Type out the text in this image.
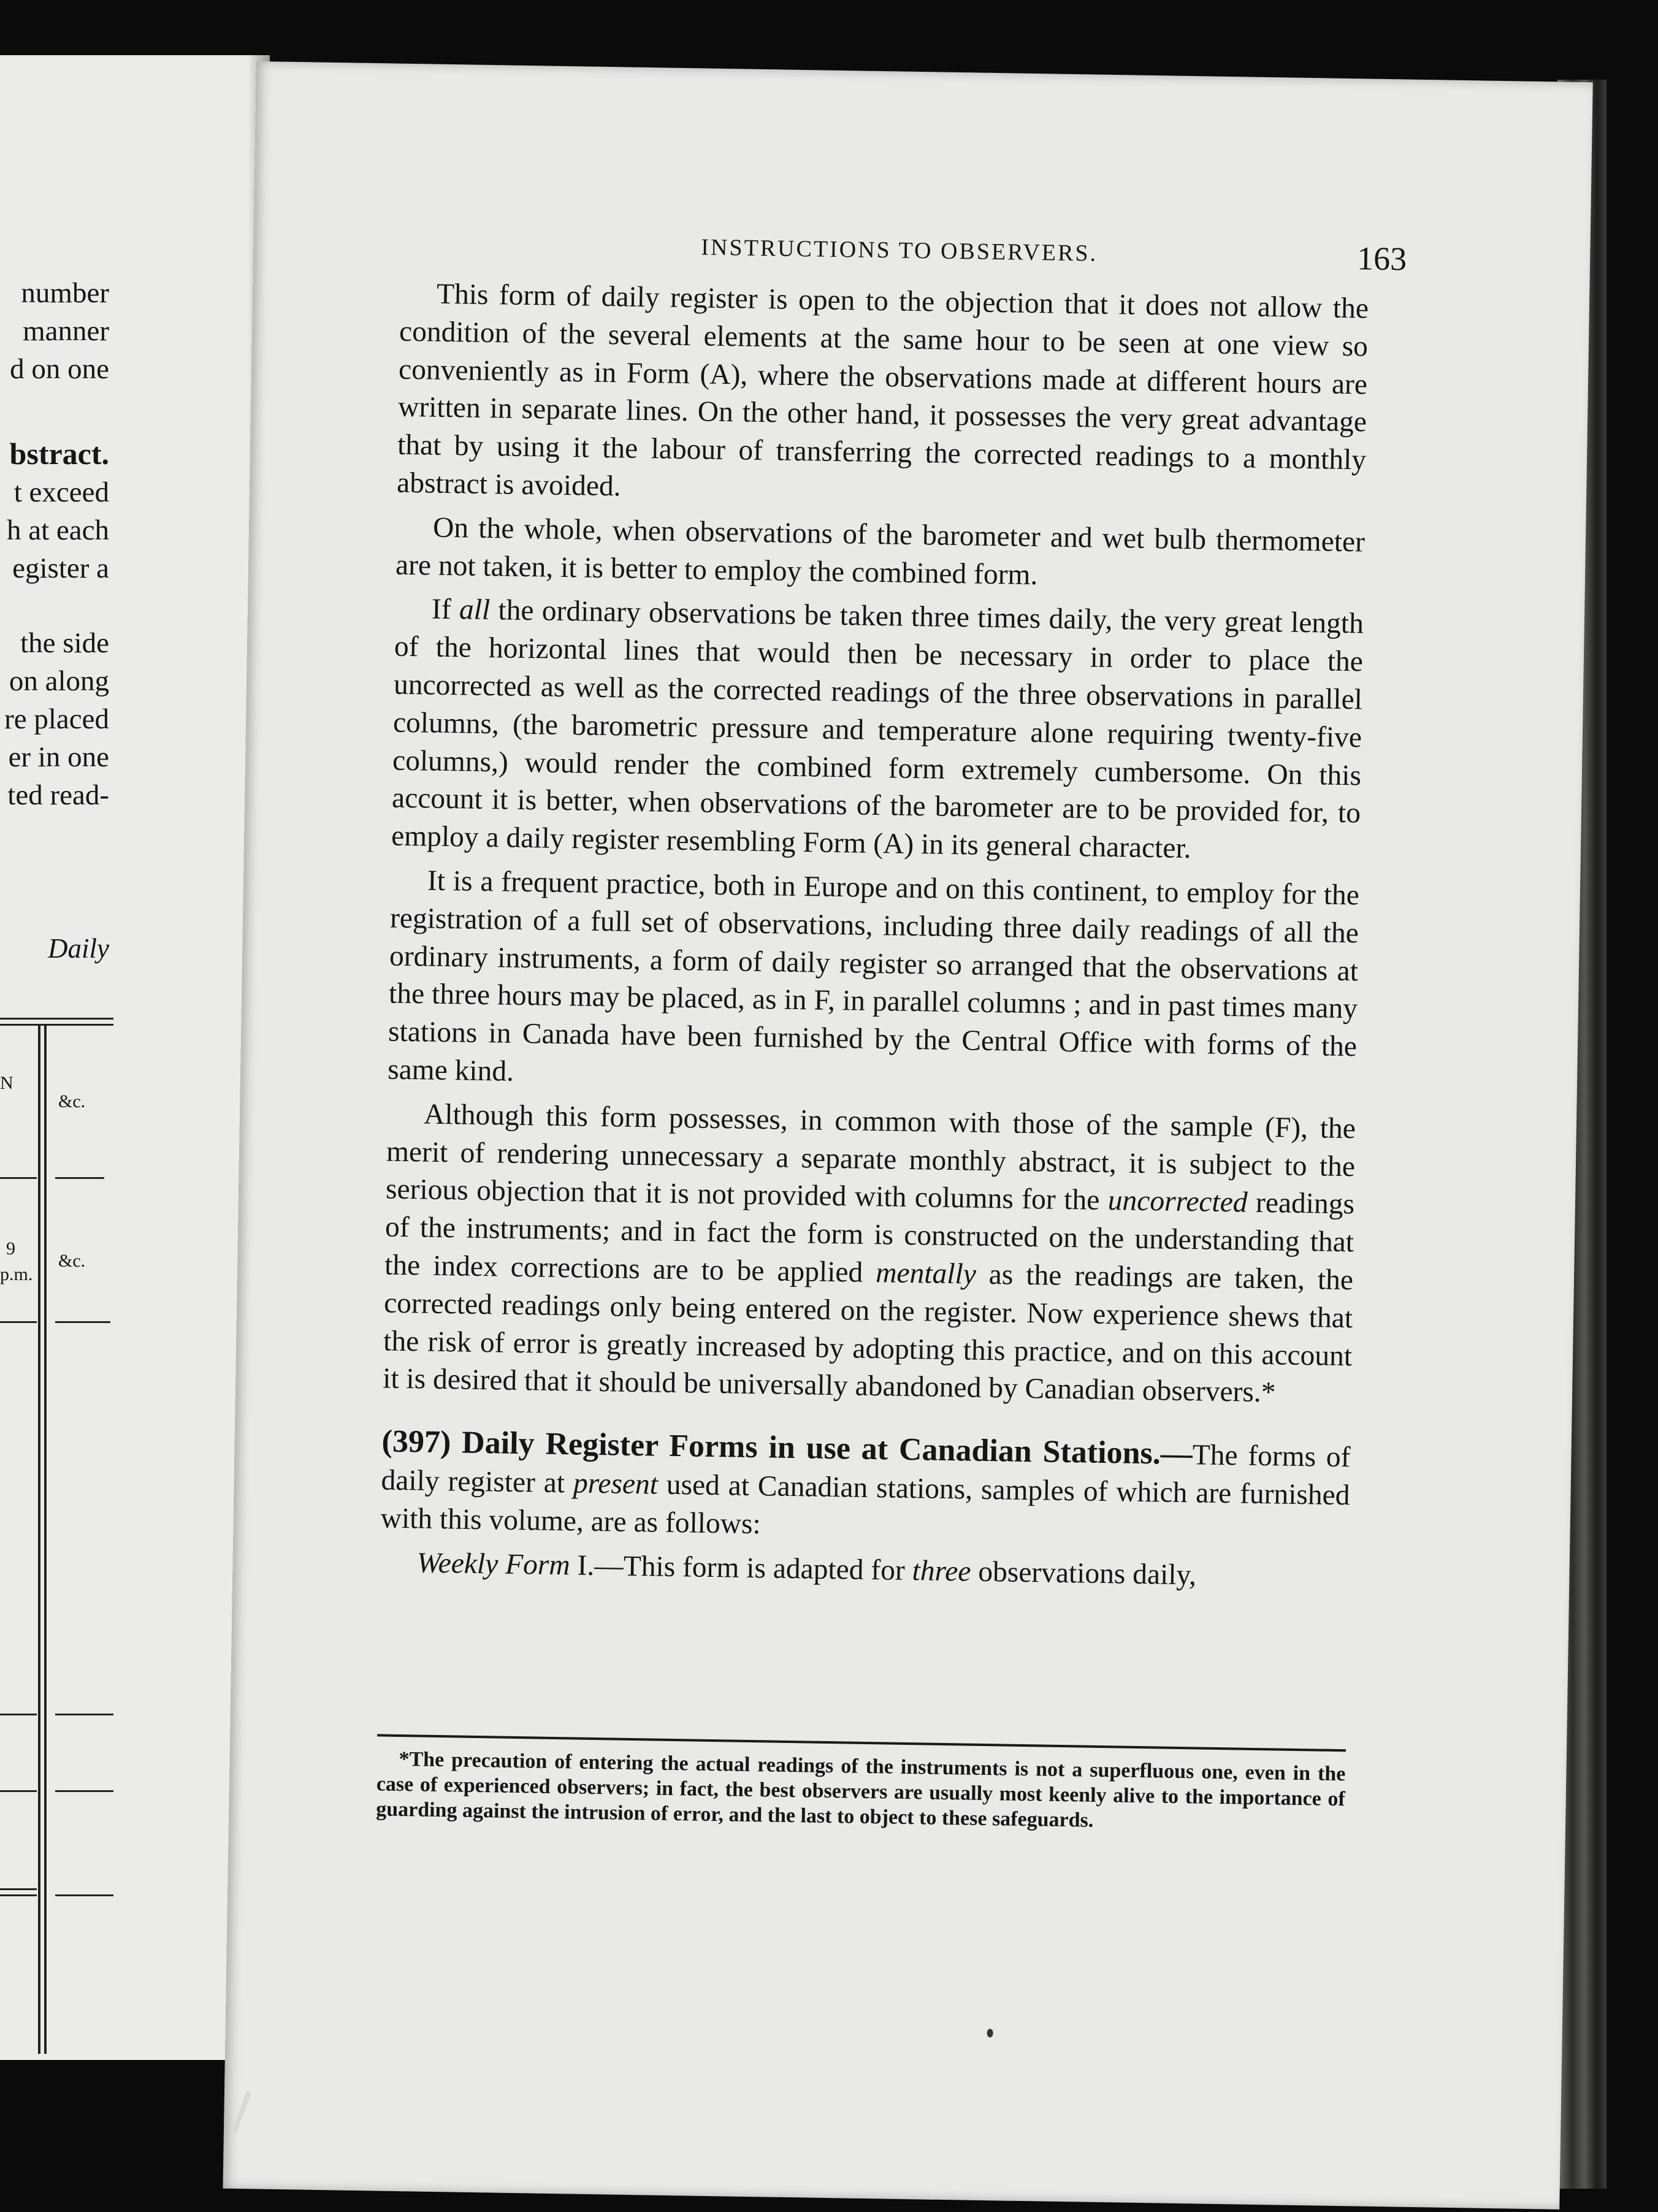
number

manner

d on one

bstract.

t exceed

h at each

egister a

the side

on along

re placed

er in one

ted read-

Daily

N

&c.

9

p.m.

&c.

INSTRUCTIONS TO OBSERVERS.	163

This form of daily register is open to the objection that it does not allow the condition of the several elements at the same hour to be seen at one view so conveniently as in Form (A), where the observations made at different hours are written in separate lines. On the other hand, it possesses the very great advantage that by using it the labour of transferring the corrected readings to a monthly abstract is avoided.

On the whole, when observations of the barometer and wet bulb thermometer are not taken, it is better to employ the combined form.

If all the ordinary observations be taken three times daily, the very great length of the horizontal lines that would then be necessary in order to place the uncorrected as well as the corrected readings of the three observations in parallel columns, (the barometric pressure and temperature alone requiring twenty-five columns,) would render the combined form extremely cumbersome. On this account it is better, when observations of the barometer are to be provided for, to employ a daily register resembling Form (A) in its general character.

It is a frequent practice, both in Europe and on this continent, to employ for the registration of a full set of observations, including three daily readings of all the ordinary instruments, a form of daily register so arranged that the observations at the three hours may be placed, as in F, in parallel columns ; and in past times many stations in Canada have been furnished by the Central Office with forms of the same kind.

Although this form possesses, in common with those of the sample (F), the merit of rendering unnecessary a separate monthly abstract, it is subject to the serious objection that it is not provided with columns for the uncorrected readings of the instruments; and in fact the form is constructed on the understanding that the index corrections are to be applied mentally as the readings are taken, the corrected readings only being entered on the register. Now experience shews that the risk of error is greatly increased by adopting this practice, and on this account it is desired that it should be universally abandoned by Canadian observers.*

(397) Daily Register Forms in use at Canadian Stations.—The forms of daily register at present used at Canadian stations, samples of which are furnished with this volume, are as follows:

Weekly Form I.—This form is adapted for three observations daily,

*The precaution of entering the actual readings of the instruments is not a superfluous one, even in the case of experienced observers; in fact, the best observers are usually most keenly alive to the importance of guarding against the intrusion of error, and the last to object to these safeguards.
